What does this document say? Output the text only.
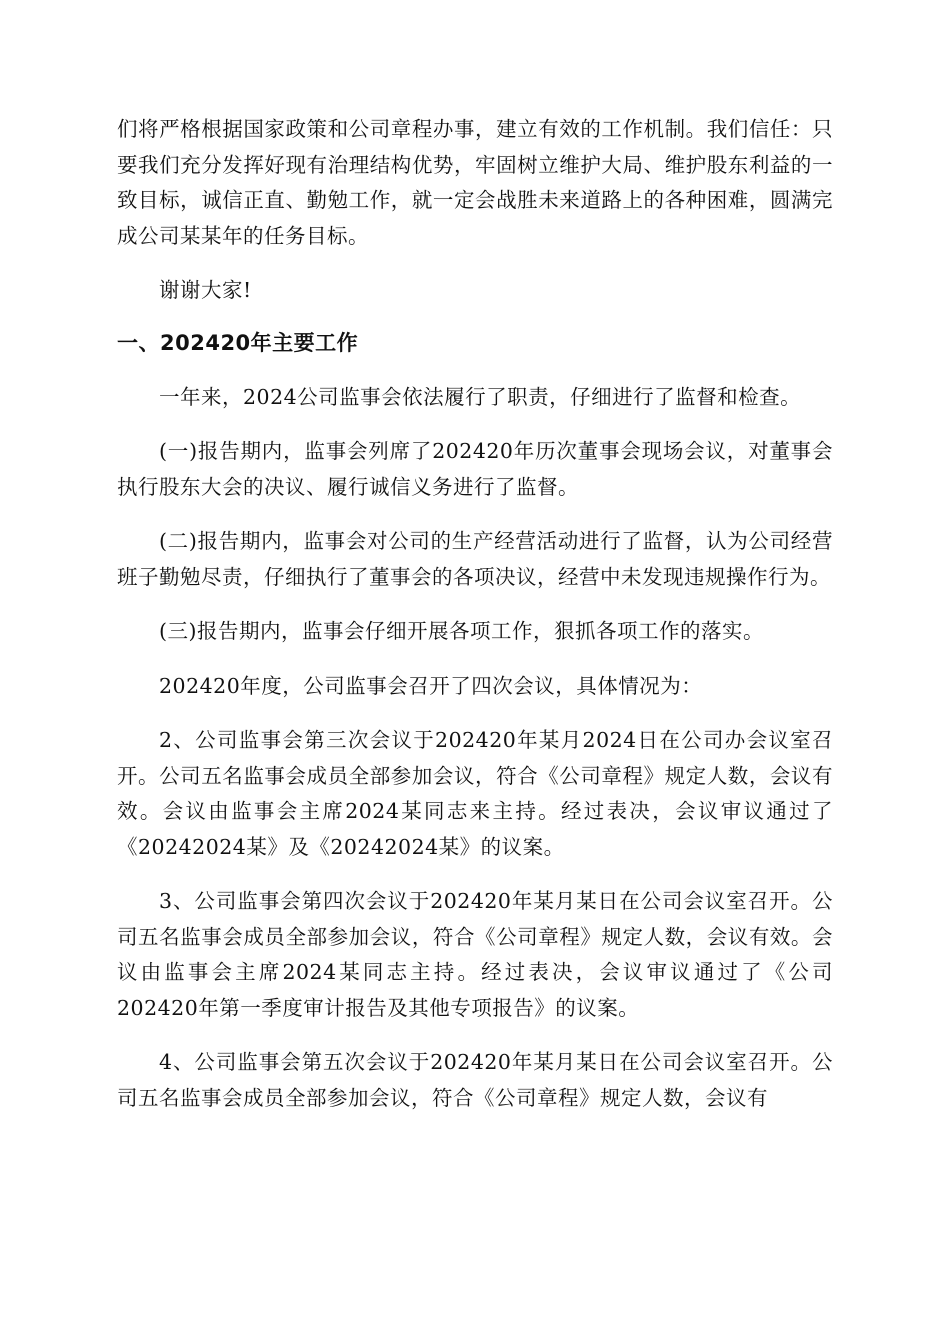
们将严格根据国家政策和公司章程办事，建立有效的工作机制。我们信任：只要我们充分发挥好现有治理结构优势，牢固树立维护大局、维护股东利益的一致目标，诚信正直、勤勉工作，就一定会战胜未来道路上的各种困难，圆满完成公司某某年的任务目标。

谢谢大家!

一、202420年主要工作

一年来，2024公司监事会依法履行了职责，仔细进行了监督和检查。

(一)报告期内，监事会列席了202420年历次董事会现场会议，对董事会执行股东大会的决议、履行诚信义务进行了监督。

(二)报告期内，监事会对公司的生产经营活动进行了监督，认为公司经营班子勤勉尽责，仔细执行了董事会的各项决议，经营中未发现违规操作行为。

(三)报告期内，监事会仔细开展各项工作，狠抓各项工作的落实。

202420年度，公司监事会召开了四次会议，具体情况为：

2、公司监事会第三次会议于202420年某月2024日在公司办会议室召开。公司五名监事会成员全部参加会议，符合《公司章程》规定人数，会议有效。会议由监事会主席2024某同志来主持。经过表决，会议审议通过了《20242024某》及《20242024某》的议案。

3、公司监事会第四次会议于202420年某月某日在公司会议室召开。公司五名监事会成员全部参加会议，符合《公司章程》规定人数，会议有效。会议由监事会主席2024某同志主持。经过表决，会议审议通过了《公司202420年第一季度审计报告及其他专项报告》的议案。

4、公司监事会第五次会议于202420年某月某日在公司会议室召开。公司五名监事会成员全部参加会议，符合《公司章程》规定人数，会议有
